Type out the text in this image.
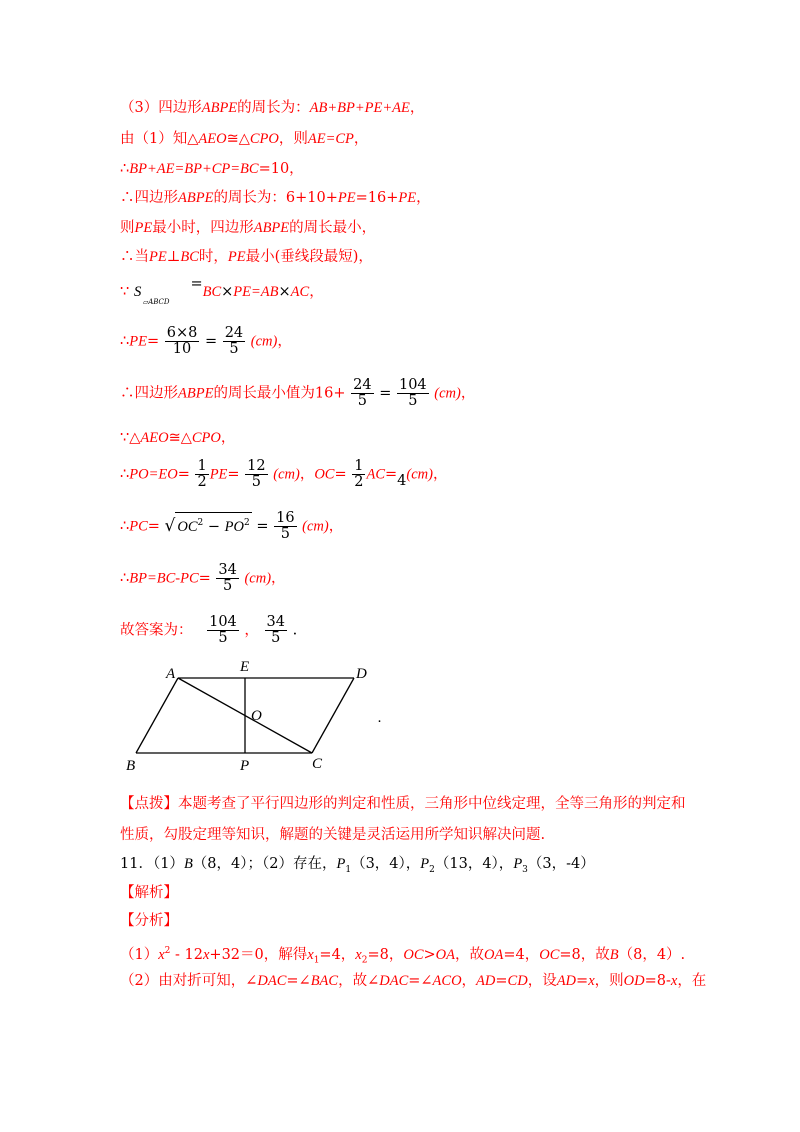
（3）四边形ABPE的周长为：AB+BP+PE+AE，
由（1）知△AEO≅△CPO，则AE=CP，
∴BP+AE=BP+CP=BC=10，
∴四边形ABPE的周长为：6+10+PE=16+PE，
则PE最小时，四边形ABPE的周长最小，
∴当PE⊥BC时，PE最小(垂线段最短)，
∵ S
▱ABCD
=BC×PE=AB×AC，
∴PE= $\frac{6\times 8}{10} = \frac{24}{5} (cm)$，
∴四边形ABPE的周长最小值为$16+ \frac{24}{5} = \frac{104}{5} (cm)$，
∵△AEO≅△CPO，
∴PO=EO= $\frac{1}{2} PE= \frac{12}{5} (cm)$，$OC= \frac{1}{2} AC=4(cm)$，
∴PC= √ $OC^2 - PO^2 = \frac{16}{5} (cm)$，
∴BP=BC-PC= $\frac{34}{5} (cm)$，
故答案为： $\frac{104}{5}$ ， $\frac{34}{5}$ .
A	E	D
O
B	P	C
.
【点拨】本题考查了平行四边形的判定和性质，三角形中位线定理，全等三角形的判定和
性质，勾股定理等知识，解题的关键是灵活运用所学知识解决问题.
11．（1）B（8，4）；（2）存在，$P_1(3$，4），$P_2(13$，4），$P_3(3$，-4）
【解析】
【分析】
$(1)x^2 - 12x+32=0$，解得$x_1=4$，$x_2=8$，OC>OA，故OA=4，OC=8，故B（8，4）.
（2）由对折可知，∠DAC=∠BAC，故∠DAC=∠ACO，AD=CD，设AD=x，则OD=8-x，在
